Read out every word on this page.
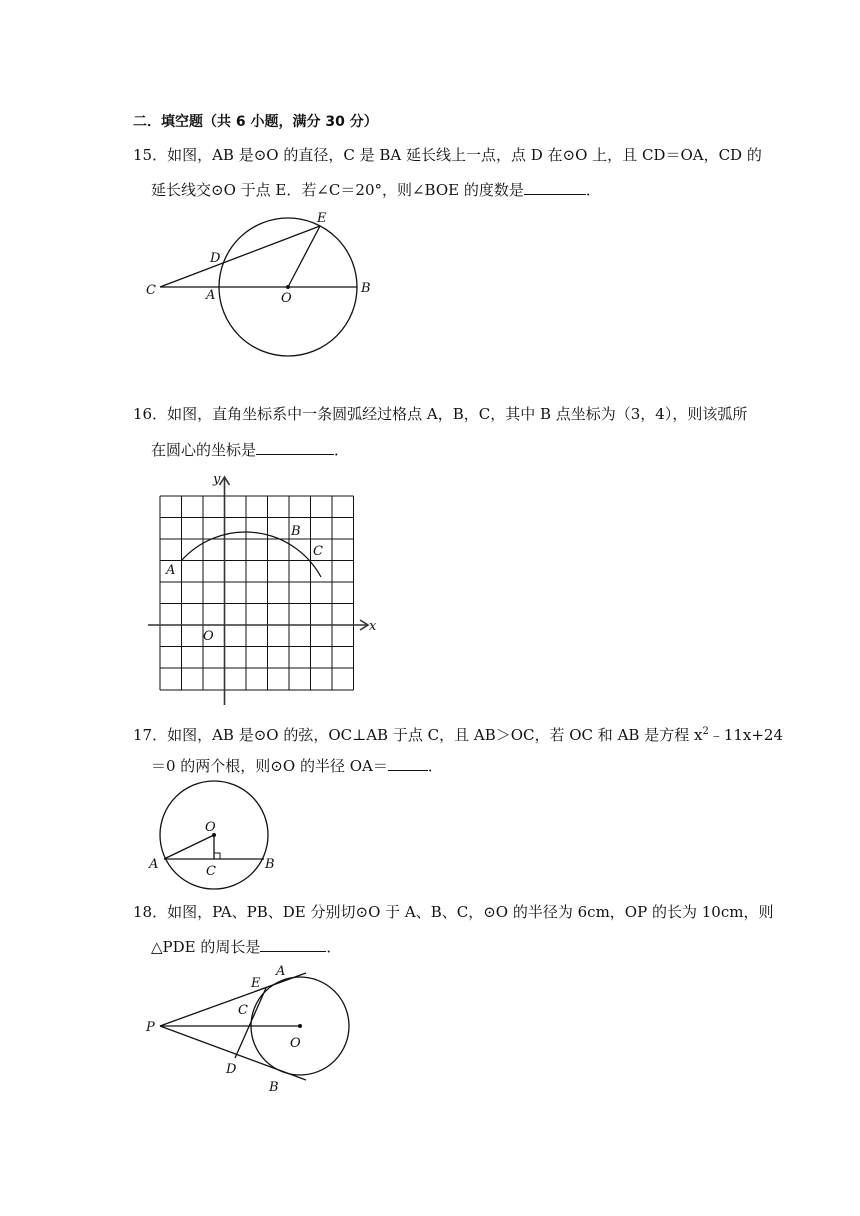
二．填空题（共 6 小题，满分 30 分）
15．如图，AB 是⊙O 的直径，C 是 BA 延长线上一点，点 D 在⊙O 上，且 CD＝OA，CD 的
延长线交⊙O 于点 E．若∠C＝20°，则∠BOE 的度数是	．
E
D
C	A	O
B
16．如图，直角坐标系中一条圆弧经过格点 A，B，C，其中 B 点坐标为（3，4），则该弧所
在圆心的坐标是	．
y
x
O
A
B
C
17．如图，AB 是⊙O 的弦，OC⊥AB 于点 C，且 AB＞OC，若 OC 和 AB 是方程 $x^2﹣11x+24$
＝0 的两个根，则⊙O 的半径 OA＝	．
O
A	C	B
18．如图，PA、PB、DE 分别切⊙O 于 A、B、C，⊙O 的半径为 6cm，OP 的长为 10cm，则
△PDE 的周长是	．
E
A
C
P
O
D
B
